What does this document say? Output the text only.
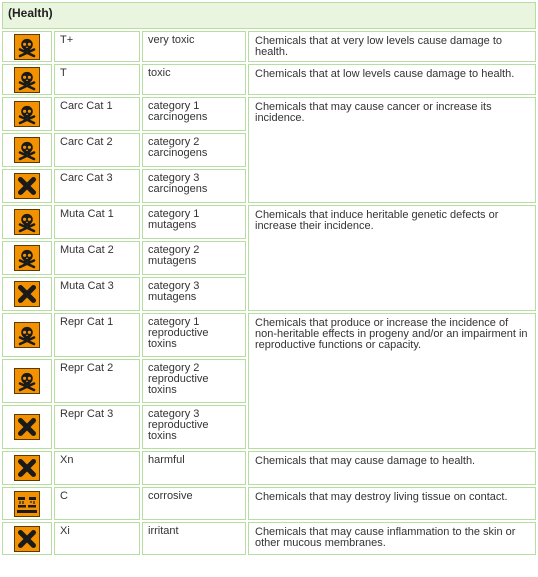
(Health)			

	T+	very toxic	Chemicals that at very low levels cause damage to health.

	T	toxic	Chemicals that at low levels cause damage to health.

	Carc Cat 1	category 1 carcinogens	Chemicals that may cause cancer or increase its incidence.

	Carc Cat 2	category 2 carcinogens	

	Carc Cat 3	category 3 carcinogens	

	Muta Cat 1	category 1 mutagens	Chemicals that induce heritable genetic defects or increase their incidence.

	Muta Cat 2	category 2 mutagens	

	Muta Cat 3	category 3 mutagens	

	Repr Cat 1	category 1 reproductive toxins	Chemicals that produce or increase the incidence of non-heritable effects in progeny and/or an impairment in reproductive functions or capacity.

	Repr Cat 2	category 2 reproductive toxins	

	Repr Cat 3	category 3 reproductive toxins	

	Xn	harmful	Chemicals that may cause damage to health.

	C	corrosive	Chemicals that may destroy living tissue on contact.

	Xi	irritant	Chemicals that may cause inflammation to the skin or other mucous membranes.
